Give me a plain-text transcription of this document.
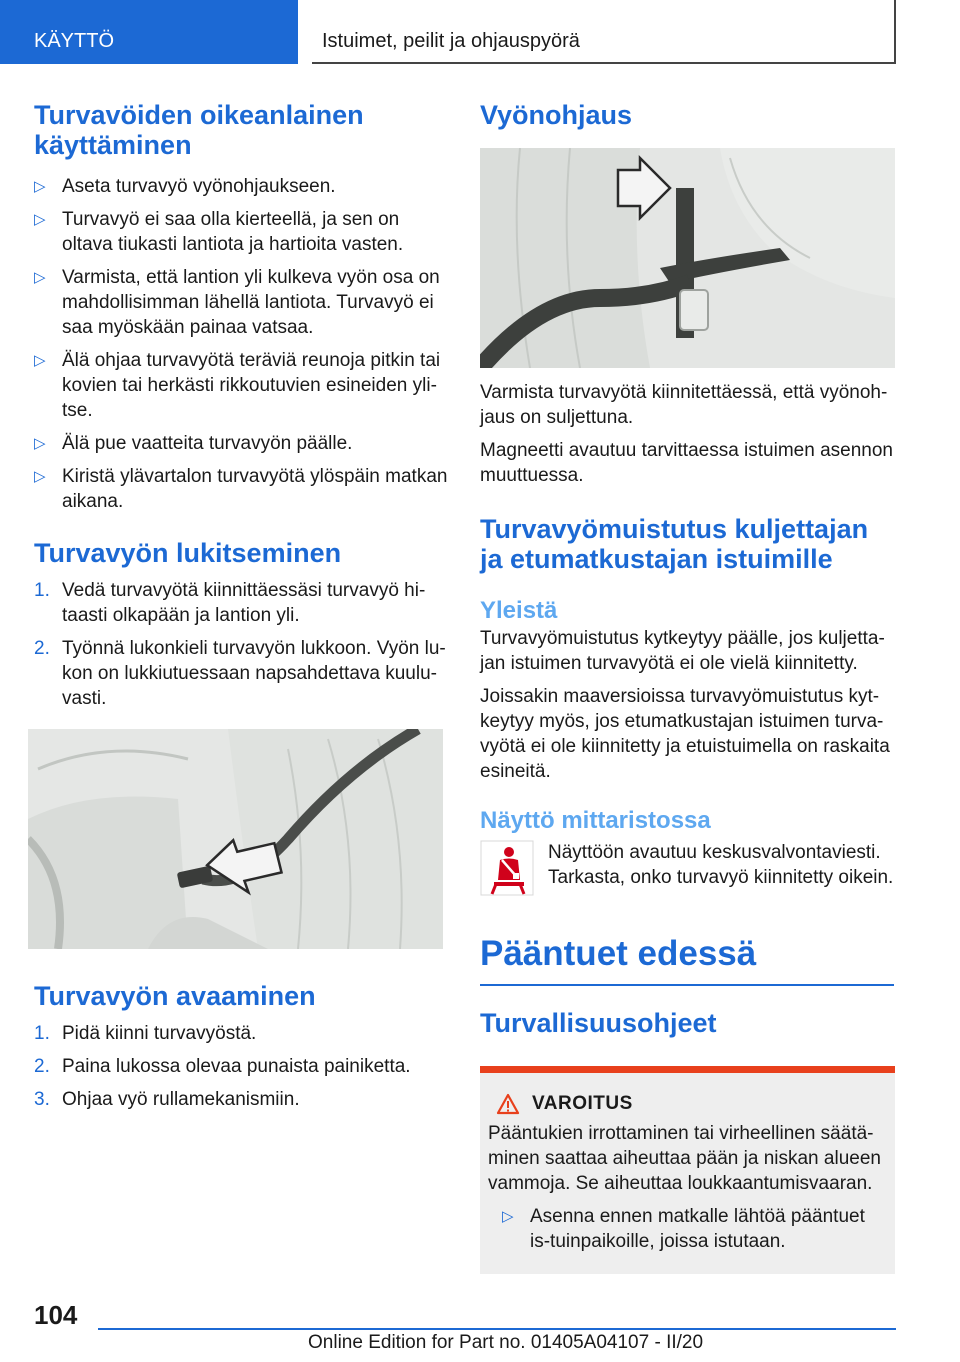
KÄYTTÖ	Istuimet, peilit ja ohjauspyörä
Turvavöiden oikeanlainen käyttäminen
▷ Aseta turvavyö vyönohjaukseen.
▷ Turvavyö ei saa olla kierteellä, ja sen on oltava tiukasti lantiota ja hartioita vasten.
▷ Varmista, että lantion yli kulkeva vyön osa on mahdollisimman lähellä lantiota. Turvavyö ei saa myöskään painaa vatsaa.
▷ Älä ohjaa turvavyötä teräviä reunoja pitkin tai kovien tai herkästi rikkoutuvien esineiden yli-tse.
▷ Älä pue vaatteita turvavyön päälle.
▷ Kiristä ylävartalon turvavyötä ylöspäin matkan aikana.
Turvavyön lukitseminen
1. Vedä turvavyötä kiinnittäessäsi turvavyö hi-taasti olkapään ja lantion yli.
2. Työnnä lukonkieli turvavyön lukkoon. Vyön lu-kon on lukkiutuessaan napsahdettava kuulu-vasti.
Turvavyön avaaminen
1. Pidä kiinni turvavyöstä.
2. Paina lukossa olevaa punaista painiketta.
3. Ohjaa vyö rullamekanismiin.
Vyönohjaus

Varmista turvavyötä kiinnitettäessä, että vyönoh-jaus on suljettuna.

Magneetti avautuu tarvittaessa istuimen asennon muuttuessa.

Turvavyömuistutus kuljettajan ja etumatkustajan istuimille
Yleistä

Turvavyömuistutus kytkeytyy päälle, jos kuljetta-jan istuimen turvavyötä ei ole vielä kiinnitetty.

Joissakin maaversioissa turvavyömuistutus kyt-keytyy myös, jos etumatkustajan istuimen turva-vyötä ei ole kiinnitetty ja etuistuimella on raskaita esineitä.

Näyttö mittaristossa

Näyttöön avautuu keskusvalvontaviesti. Tarkasta, onko turvavyö kiinnitetty oikein.

Pääntuet edessä
Turvallisuusohjeet
VAROITUS

Pääntukien irrottaminen tai virheellinen säätä-minen saattaa aiheuttaa pään ja niskan alueen vammoja. Se aiheuttaa loukkaantumisvaaran.

▷ Asenna ennen matkalle lähtöä pääntuet is-tuinpaikoille, joissa istutaan.
104
Online Edition for Part no. 01405A04107 - II/20
